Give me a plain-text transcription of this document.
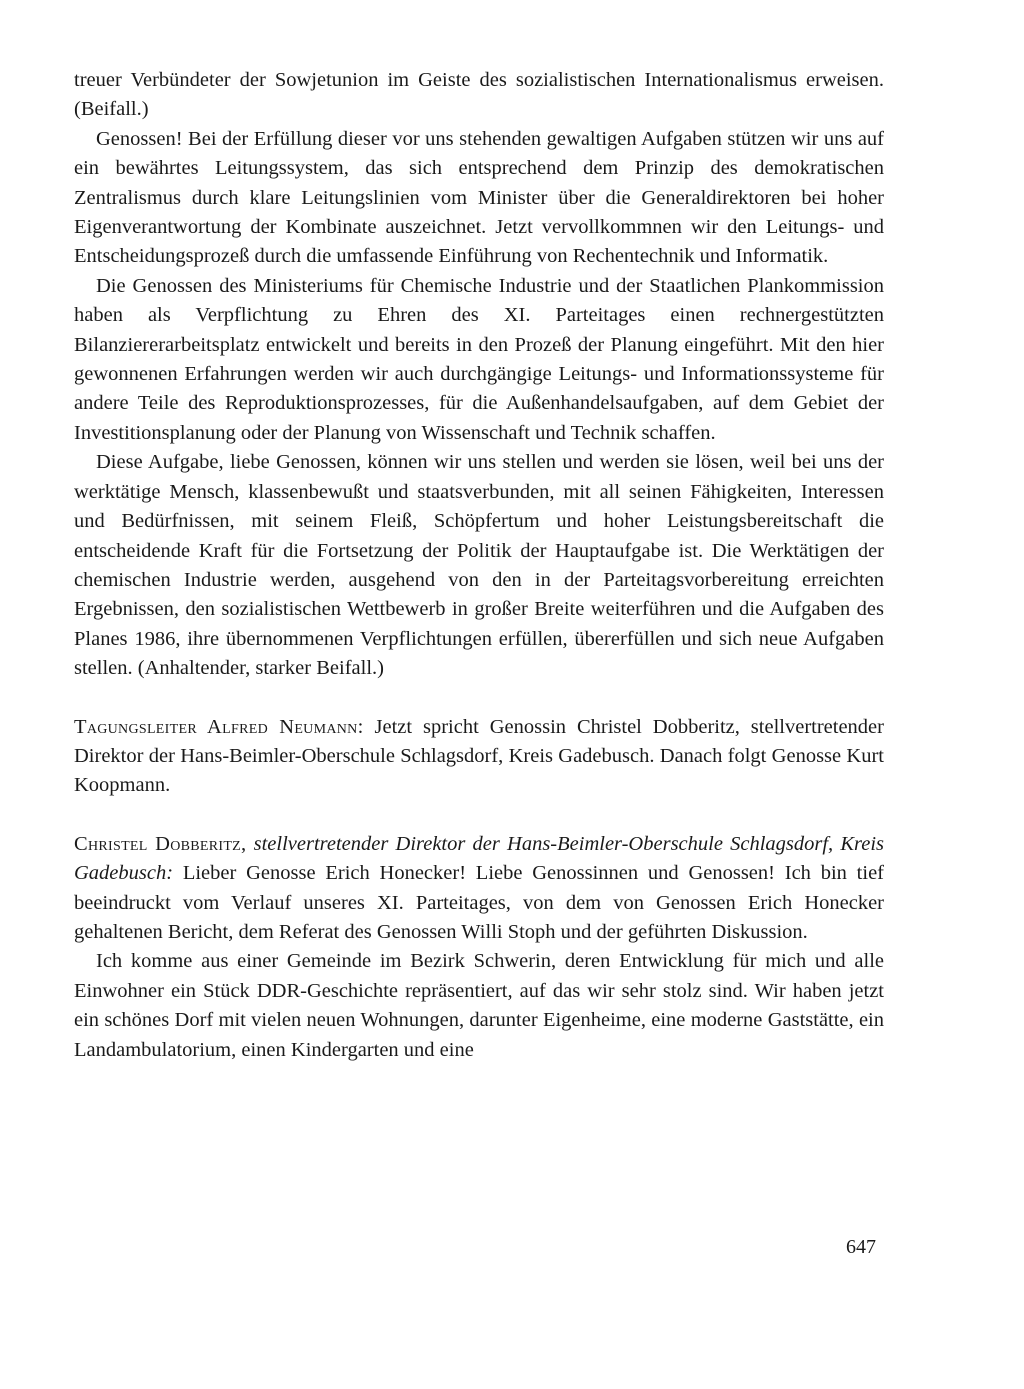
treuer Verbündeter der Sowjetunion im Geiste des sozialistischen Internationalismus erweisen. (Beifall.)

Genossen! Bei der Erfüllung dieser vor uns stehenden gewaltigen Aufgaben stützen wir uns auf ein bewährtes Leitungssystem, das sich entsprechend dem Prinzip des demokratischen Zentralismus durch klare Leitungslinien vom Minister über die Generaldirektoren bei hoher Eigenverantwortung der Kombinate auszeichnet. Jetzt vervollkommnen wir den Leitungs- und Entscheidungsprozeß durch die umfassende Einführung von Rechentechnik und Informatik.

Die Genossen des Ministeriums für Chemische Industrie und der Staatlichen Plankommission haben als Verpflichtung zu Ehren des XI. Parteitages einen rechnergestützten Bilanziererarbeitsplatz entwickelt und bereits in den Prozeß der Planung eingeführt. Mit den hier gewonnenen Erfahrungen werden wir auch durchgängige Leitungs- und Informationssysteme für andere Teile des Reproduktionsprozesses, für die Außenhandelsaufgaben, auf dem Gebiet der Investitionsplanung oder der Planung von Wissenschaft und Technik schaffen.

Diese Aufgabe, liebe Genossen, können wir uns stellen und werden sie lösen, weil bei uns der werktätige Mensch, klassenbewußt und staatsverbunden, mit all seinen Fähigkeiten, Interessen und Bedürfnissen, mit seinem Fleiß, Schöpfertum und hoher Leistungsbereitschaft die entscheidende Kraft für die Fortsetzung der Politik der Hauptaufgabe ist. Die Werktätigen der chemischen Industrie werden, ausgehend von den in der Parteitagsvorbereitung erreichten Ergebnissen, den sozialistischen Wettbewerb in großer Breite weiterführen und die Aufgaben des Planes 1986, ihre übernommenen Verpflichtungen erfüllen, übererfüllen und sich neue Aufgaben stellen. (Anhaltender, starker Beifall.)

Tagungsleiter Alfred Neumann: Jetzt spricht Genossin Christel Dobberitz, stellvertretender Direktor der Hans-Beimler-Oberschule Schlagsdorf, Kreis Gadebusch. Danach folgt Genosse Kurt Koopmann.

Christel Dobberitz, stellvertretender Direktor der Hans-Beimler-Oberschule Schlagsdorf, Kreis Gadebusch: Lieber Genosse Erich Honecker! Liebe Genossinnen und Genossen! Ich bin tief beeindruckt vom Verlauf unseres XI. Parteitages, von dem von Genossen Erich Honecker gehaltenen Bericht, dem Referat des Genossen Willi Stoph und der geführten Diskussion.

Ich komme aus einer Gemeinde im Bezirk Schwerin, deren Entwicklung für mich und alle Einwohner ein Stück DDR-Geschichte repräsentiert, auf das wir sehr stolz sind. Wir haben jetzt ein schönes Dorf mit vielen neuen Wohnungen, darunter Eigenheime, eine moderne Gaststätte, ein Landambulatorium, einen Kindergarten und eine

647
